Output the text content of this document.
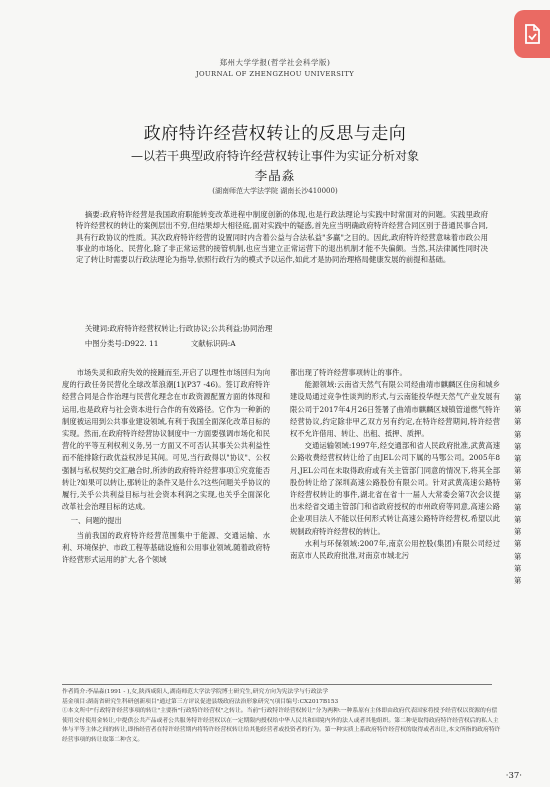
郑州大学学报(哲学社会科学版)
JOURNAL OF ZHENGZHOU UNIVERSITY
政府特许经营权转让的反思与走向
—以若干典型政府特许经营权转让事件为实证分析对象
李晶淼
(湖南师范大学法学院 湖南长沙410000)

摘要:政府特许经营是我国政府职能转变改革进程中制度创新的体现,也是行政法理论与实践中时常面对的问题。实践里政府特许经营权的转让的案例层出不穷,但结果却大相径庭,面对实践中的疑惑,首先应当明确政府特许经营合同区别于普通民事合同,具有行政协议的性质。其次政府特许经营的设置同时内含着公益与合法私益"多赢"之目的。因此,政府特许经营意味着市政公用事业的市场化、民营化,除了非正常运营的接管机制,也应当建立正常运营下的退出机制才能不失偏颇。当然,其法律属性同时决定了转让时需要以行政法理论为指导,依照行政行为的模式予以运作,如此才是协同治理格局健康发展的前提和基础。

关键词:政府特许经营权转让;行政协议;公共利益;协同治理
中图分类号:D922. 11	文献标识码:A

市场失灵和政府失效的接踵而至,开启了以理性市场回归为向度的行政任务民营化全球改革浪潮[1](P37 -46)。签订政府特许经营合同是合作治理与民营化理念在市政资源配置方面的体现和运用,也是政府与社会资本进行合作的有效路径。它作为一种新的制度被运用到公共事业建设领域,有利于我国全面深化改革目标的实现。然而,在政府特许经营协议制度中一方面要强调市场化和民营化的平等互利权利义务,另一方面又不可否认其事关公共利益性而不能排除行政优益权涉足其间。可见,当行政得以"协议"、公权强制与私权契约交汇融合时,所涉的政府特许经营事项①究竟能否转让?如果可以转让,那转让的条件又是什么?这些问题关乎协议的履行,关乎公共利益目标与社会资本利润之实现,也关乎全面深化改革社会治理目标的达成。

一、问题的提出

当前我国的政府特许经营范围集中于能源、交通运输、水利、环境保护、市政工程等基础设施和公用事业领域,随着政府特许经营形式运用的扩大,各个领域

都出现了特许经营事项转让的事件。

能源领域:云南省天然气有限公司经曲靖市麒麟区住房和城乡建设局通过竞争性谈判的形式,与云南能投华煜天然气产业发展有限公司于2017年4月26日签署了曲靖市麒麟区城镇管道燃气特许经营协议,约定除非甲乙双方另有约定,在特许经营期间,特许经营权不允许借用、转让、出租、抵押、质押。

交通运输领域:1997年,经交通部和省人民政府批准,武黄高速公路收费经营权转让给了由JEL公司下属的马鄂公司。2005年8月,JEL公司在未取得政府或有关主管部门同意的情况下,将其全部股份转让给了深圳高速公路股份有限公司。针对武黄高速公路特许经营权转让的事件,湖北省在省十一届人大常委会第7次会议提出未经省交通主管部门和省政府授权的市州政府等同意,高速公路企业项目法人不能以任何形式转让高速公路特许经营权,希望以此规制政府特许经营权的转让。

水利与环保领域:2007年,南京公用控股(集团)有限公司经过南京市人民政府批准,对南京市城北污

第
第
第
第
第
第
第
第
第
第
第
第
第
第
第
第
作者简介:李晶淼(1991 - ),女,陕西咸阳人,湖南师范大学法学院博士研究生,研究方向为宪法学与行政法学
基金项目:湖南省研究生科研创新项目"通过第三方评议促进县级政府法治形象研究"(项目编号:CX2017B153
①本文所中"行政特许经营事项的转让"主要指"行政特许经营权"之转让。当前"行政特许经营权转让"分为两种:一种系原有主体即由政府代表国家将授予经营权以资源的有偿使用交付使用金转让,中提供公共产品或者公共服务特许经营权以在一定期限内授权给中华人民共和国境内外的法人或者其他组织。第二种是取得政府特许经营权后的私人主体与平等主体之间的转让,即指经营者在特许经营期内将特许经营权转让给其他经营者或投资者的行为。第一种实质上系政府特许经营权的取得或者出让,本文所指的政府特许经营事项的转让取第二种含义。
·37·
